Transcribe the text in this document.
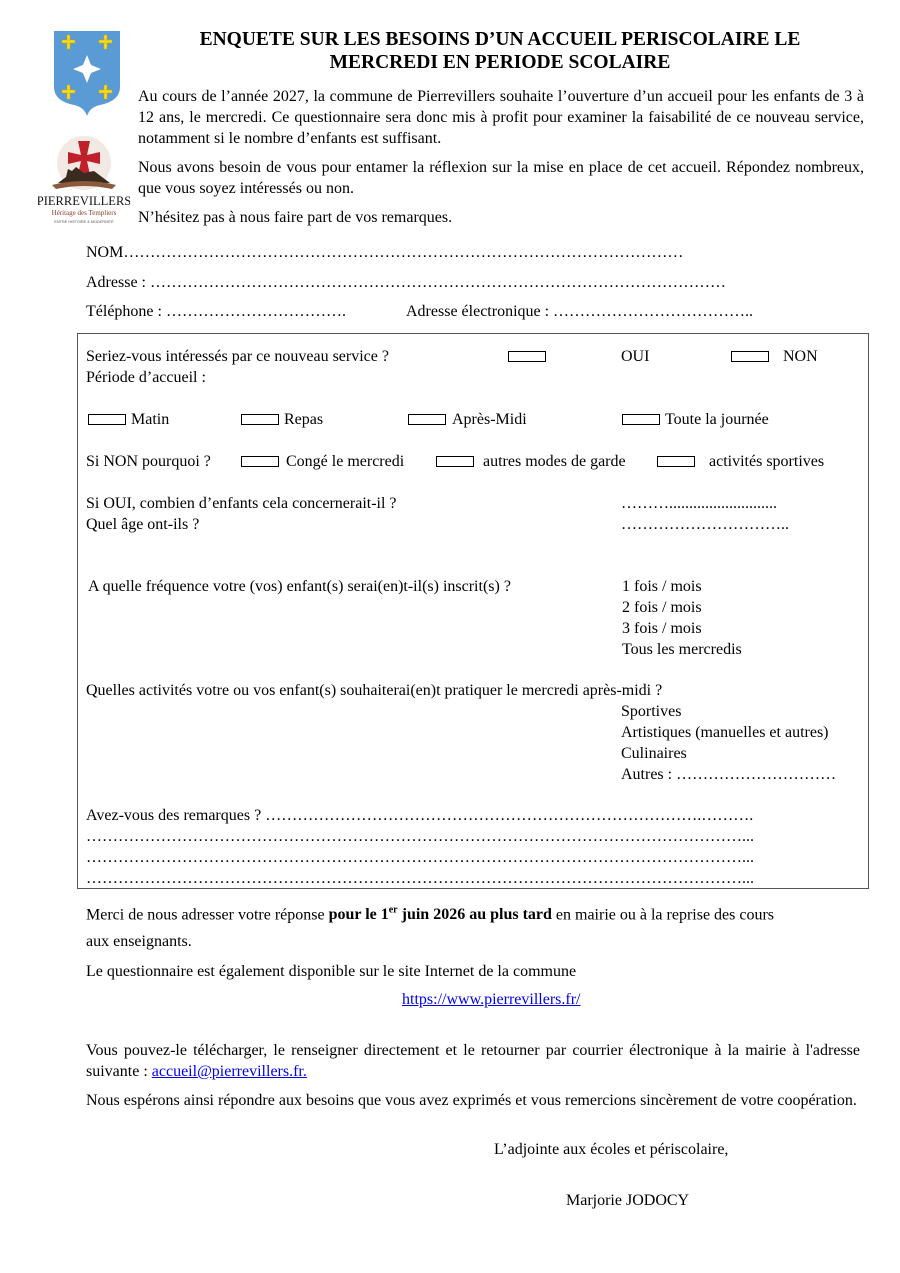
PIERREVILLERS
Héritage des Templiers
ENTRE HISTOIRE & MODERNITÉ
ENQUETE SUR LES BESOINS D’UN ACCUEIL PERISCOLAIRE LE
MERCREDI EN PERIODE SCOLAIRE

Au cours de l’année 2027, la commune de Pierrevillers souhaite l’ouverture d’un accueil pour les enfants de 3 à 12 ans, le mercredi. Ce questionnaire sera donc mis à profit pour examiner la faisabilité de ce nouveau service, notamment si le nombre d’enfants est suffisant.

Nous avons besoin de vous pour entamer la réflexion sur la mise en place de cet accueil. Répondez nombreux, que vous soyez intéressés ou non.

N’hésitez pas à nous faire part de vos remarques.

NOM……………………………………………………………………………………………
Adresse : ………………………………………………………………………………………………
Téléphone : …………………………….	Adresse électronique : ………………………………..
Seriez-vous intéressés par ce nouveau service ?	OUI	NON
Période d’accueil :
Matin	Repas	Après-Midi	Toute la journée
Si NON pourquoi ?	Congé le mercredi	autres modes de garde	activités sportives
Si OUI, combien d’enfants cela concernerait-il ?	………...........................
Quel âge ont-ils ?	…………………………..
A quelle fréquence votre (vos) enfant(s) serai(en)t-il(s) inscrit(s) ?	1 fois / mois
2 fois / mois
3 fois / mois
Tous les mercredis
Quelles activités votre ou vos enfant(s) souhaiterai(en)t pratiquer le mercredi après-midi ?
Sportives
Artistiques (manuelles et autres)
Culinaires
Autres : …………………………
Avez-vous des remarques ? ……………………………………………………………………….……….
……………………………………………………………………………………………………………...
……………………………………………………………………………………………………………...
……………………………………………………………………………………………………………...
Merci de nous adresser votre réponse pour le 1er juin 2026 au plus tard en mairie ou à la reprise des cours
aux enseignants.
Le questionnaire est également disponible sur le site Internet de la commune
https://www.pierrevillers.fr/
Vous pouvez-le télécharger, le renseigner directement et le retourner par courrier électronique à la mairie à l'adresse suivante : accueil@pierrevillers.fr.
Nous espérons ainsi répondre aux besoins que vous avez exprimés et vous remercions sincèrement de votre coopération.
L’adjointe aux écoles et périscolaire,
Marjorie JODOCY
